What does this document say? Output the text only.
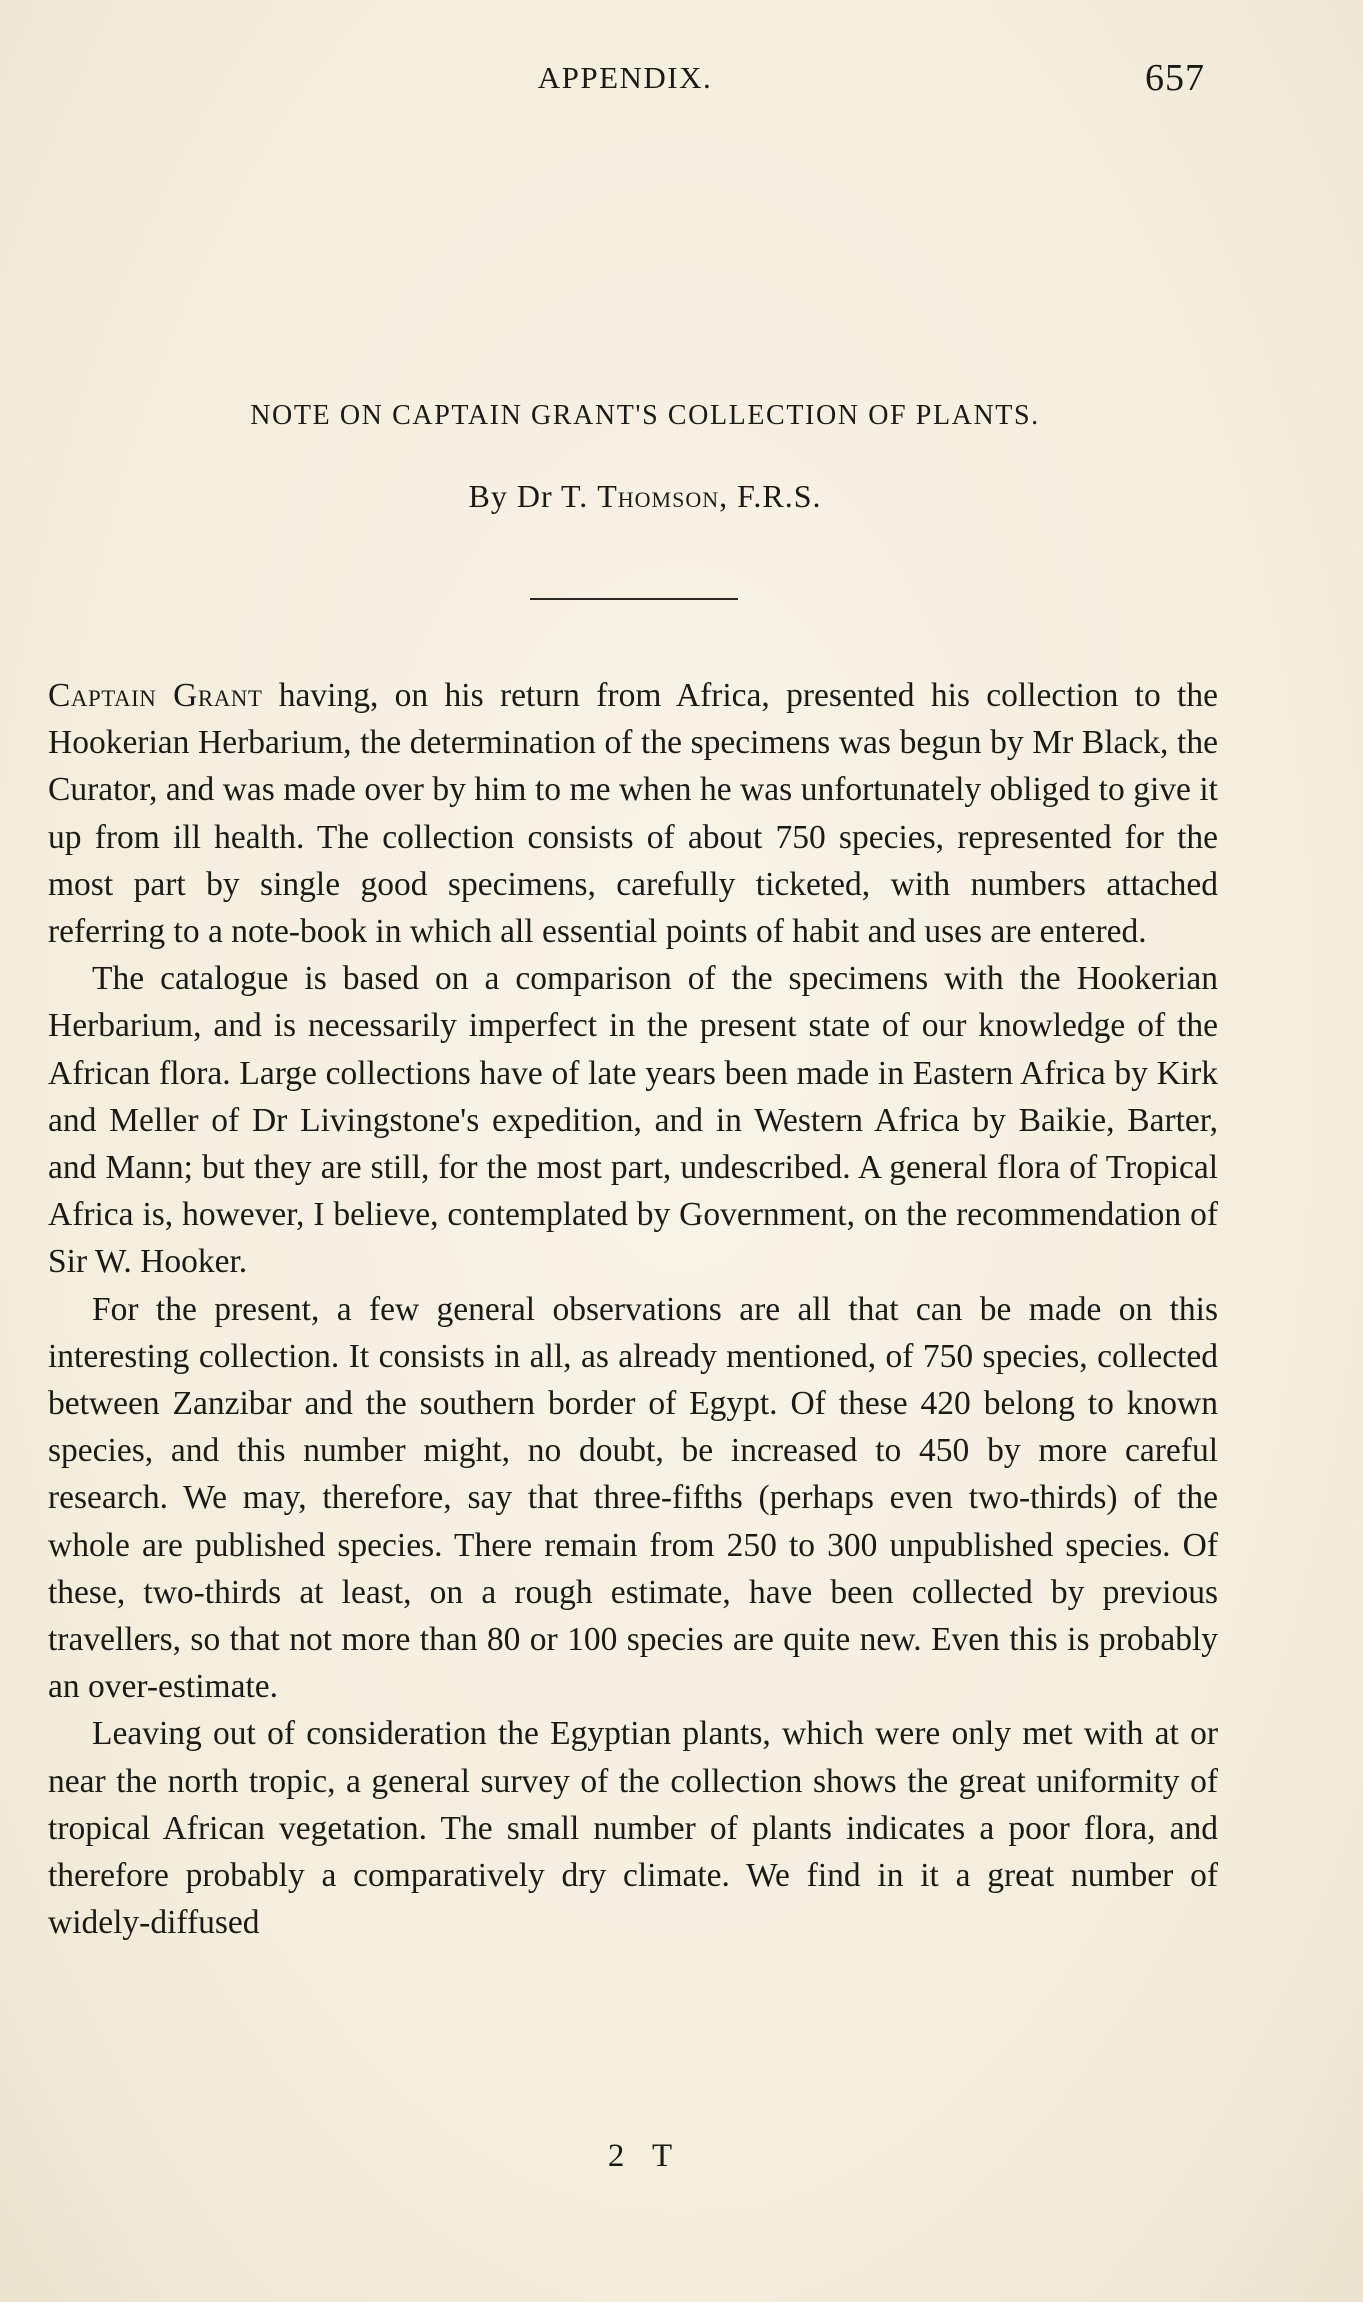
APPENDIX.	657
NOTE ON CAPTAIN GRANT'S COLLECTION OF PLANTS.
By Dr T. Thomson, F.R.S.

Captain Grant having, on his return from Africa, presented his collection to the Hookerian Herbarium, the determination of the specimens was begun by Mr Black, the Curator, and was made over by him to me when he was unfortunately obliged to give it up from ill health. The collection consists of about 750 species, represented for the most part by single good specimens, carefully ticketed, with numbers attached referring to a note-book in which all essential points of habit and uses are entered.

The catalogue is based on a comparison of the specimens with the Hookerian Herbarium, and is necessarily imperfect in the present state of our knowledge of the African flora. Large collections have of late years been made in Eastern Africa by Kirk and Meller of Dr Livingstone's expedition, and in Western Africa by Baikie, Barter, and Mann; but they are still, for the most part, undescribed. A general flora of Tropical Africa is, however, I believe, contemplated by Government, on the recommendation of Sir W. Hooker.

For the present, a few general observations are all that can be made on this interesting collection. It consists in all, as already mentioned, of 750 species, collected between Zanzibar and the southern border of Egypt. Of these 420 belong to known species, and this number might, no doubt, be increased to 450 by more careful research. We may, therefore, say that three-fifths (perhaps even two-thirds) of the whole are published species. There remain from 250 to 300 unpublished species. Of these, two-thirds at least, on a rough estimate, have been collected by previous travellers, so that not more than 80 or 100 species are quite new. Even this is probably an over-estimate.

Leaving out of consideration the Egyptian plants, which were only met with at or near the north tropic, a general survey of the collection shows the great uniformity of tropical African vegetation. The small number of plants indicates a poor flora, and therefore probably a comparatively dry climate. We find in it a great number of widely-diffused

2 T
